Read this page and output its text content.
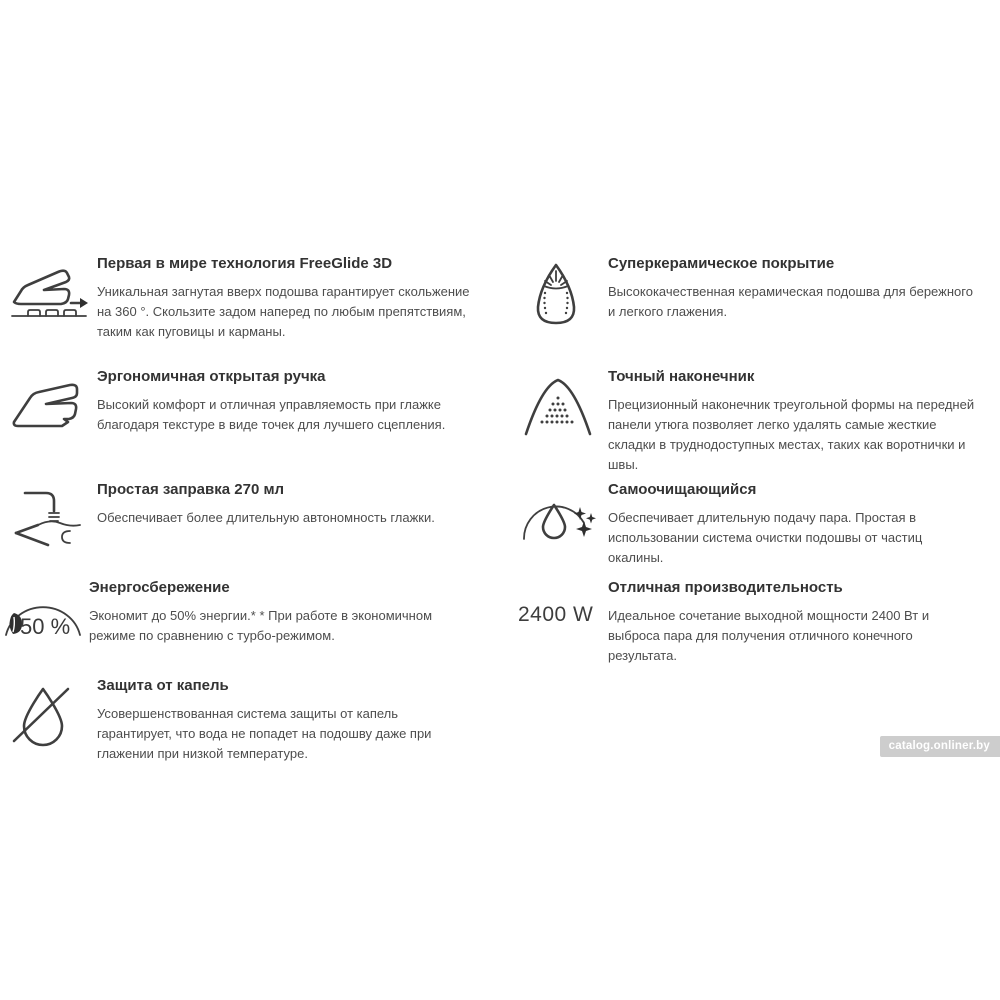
Первая в мире технология FreeGlide 3D

Уникальная загнутая вверх подошва гарантирует скольжение на 360 °. Скользите задом наперед по любым препятствиям, таким как пуговицы и карманы.

Эргономичная открытая ручка

Высокий комфорт и отличная управляемость при глажке благодаря текстуре в виде точек для лучшего сцепления.

Простая заправка 270 мл

Обеспечивает более длительную автономность глажки.

50 %
Энергосбережение

Экономит до 50% энергии.* * При работе в экономичном режиме по сравнению с турбо-режимом.

Защита от капель

Усовершенствованная система защиты от капель гарантирует, что вода не попадет на подошву даже при глажении при низкой температуре.

Суперкерамическое покрытие

Высококачественная керамическая подошва для бережного и легкого глажения.

Точный наконечник

Прецизионный наконечник треугольной формы на передней панели утюга позволяет легко удалять самые жесткие складки в труднодоступных местах, таких как воротнички и швы.

Самоочищающийся

Обеспечивает длительную подачу пара. Простая в использовании система очистки подошвы от частиц окалины.

2400 W
Отличная производительность

Идеальное сочетание выходной мощности 2400 Вт и выброса пара для получения отличного конечного результата.

catalog.onliner.by
